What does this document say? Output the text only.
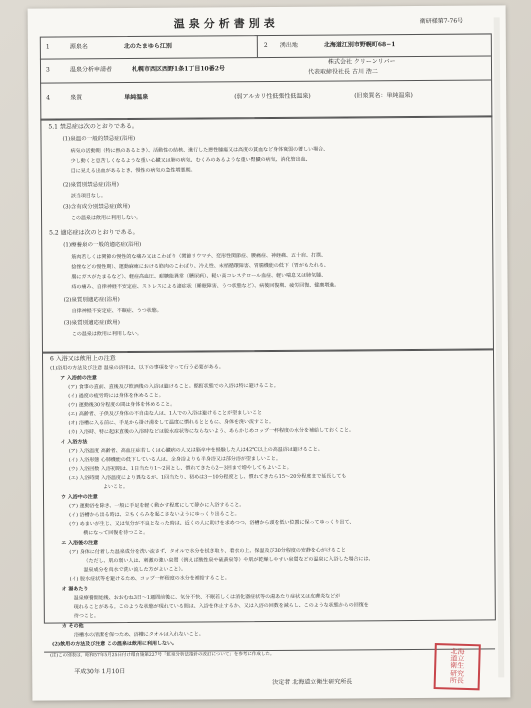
温泉分析書別表	衛研様第7-76号
1	源泉名	北のたまゆら江別	2 湧出地	北海道江別市野幌町68−1
3	温泉分析申請者	札幌市西区西野1条1丁目10番2号
株式会社 クリーンリバー
代表取締役社長 古川 浩二
4	泉質	単純温泉	(弱アルカリ性低張性低温泉)	(旧泉質名：単純温泉)
5.1 禁忌症は次のとおりである。
(1)泉温の一般的禁忌症(浴用)
病気の活動期（特に熱のあるとき）、活動性の結核、進行した悪性腫瘍又は高度の貧血など身体衰弱の著しい場合、
少し動くと息苦しくなるような重い心臓又は肺の病気、むくみのあるような重い腎臓の病気、消化管出血、
目に見える出血があるとき、慢性の病気の急性増悪期。
(2)泉質別禁忌症(浴用)
該当項目なし。
(3)含有成分別禁忌症(飲用)
この温泉は飲用に利用しない。
5.2 適応症は次のとおりである。
(1)療養泉の一般的適応症(浴用)
筋肉若しくは関節の慢性的な痛み又はこわばり（関節リウマチ、変形性関節症、腰痛症、神経痛、五十肩、打撲、
捻挫などの慢性期）、運動麻痺における筋肉のこわばり、冷え性、末梢循環障害、胃腸機能の低下（胃がもたれる、
腸にガスがたまるなど）、軽症高血圧、耐糖能異常（糖尿病）、軽い高コレステロール血症、軽い喘息又は肺気腫、
痔の痛み、自律神経不安定症、ストレスによる諸症状（睡眠障害、うつ状態など）、病後回復期、疲労回復、健康増進。
(2)泉質別適応症(浴用)
自律神経不安定症、不眠症、うつ状態。
(3)泉質別適応症(飲用)
この温泉は飲用に利用しない。
6 入浴又は飲用上の注意
(1)浴用の方法及び注意 温泉の浴用は、以下の事項を守って行う必要がある。
ア 入浴前の注意
(ア) 食事の直前、直後及び飲酒後の入浴は避けること。酩酊状態での入浴は特に避けること。
(イ) 過度の疲労時には身体を休めること。
(ウ) 運動後30分程度の間は身体を休めること。
(エ) 高齢者、子供及び身体の不自由な人は、1人での入浴は避けることが望ましいこと
(オ) 浴槽に入る前に、手足から掛け湯をして温度に慣れるとともに、身体を洗い流すこと。
(カ) 入浴時、特に起床直後の入浴時などは脱水症状等にならないよう、あらかじめコップ一杯程度の水分を補給しておくこと。
イ 入浴方法
(ア) 入浴温度 高齢者、高血圧症若しくは心臓病の人又は脳卒中を経験した人は42℃以上の高温浴は避けること。
(イ) 入浴形態 心肺機能の低下している人は、全身浴よりも半身浴又は部分浴が望ましいこと。
(ウ) 入浴回数 入浴初期は、1日当たり1〜2回とし、慣れてきたら2〜3回まで増やしてもよいこと。
(エ) 入浴時間 入浴温度により異なるが、1回当たり、初めは3〜10分程度とし、慣れてきたら15〜20分程度まで延長しても
よいこと。
ウ 入浴中の注意
(ア) 運動浴を除き、一般に手足を軽く動かす程度にして静かに入浴すること。
(イ) 浴槽から出る時は、立ちくらみを起こさないようにゆっくり出ること。
(ウ) めまいが生じ、又は気分が不良となった時は、近くの人に助けを求めつつ、浴槽から頭を低い位置に保ってゆっくり出て、
横になって回復を待つこと。
エ 入浴後の注意
(ア) 身体に付着した温泉成分を洗い流さず、タオルで水分を拭き取り、着衣の上、保温及び30分程度の安静を心がけること
（ただし、肌の弱い人は、刺激の強い泉質（例えば酸性泉や硫黄泉等）や肌が乾燥しやすい泉質などの温泉に入浴した場合には、
温泉成分を真水で洗い流した方がよいこと）。
(イ) 脱水症状等を避けるため、コップ一杯程度の水分を補給すること。
オ 湯あたり
温泉療養開始後、おおむね3日〜1週間前後に、気分不快、不眠若しくは消化器症状等の湯あたり症状又は皮膚炎などが
現れることがある。このような状態が現れている間は、入浴を休止するか、又は入浴の回数を減らし、このような状態からの回復を
待つこと。
カ その他
浴槽水の清潔を保つため、浴槽にタオルは入れないこと。
(2)飲用の方法及び注意 この温泉は飲用に利用しない。
(注)この別表は、昭和57年5月25日付け環自施第227号「鉱泉分析法指針の改訂について」を参考に作成した。
平成30年 1月10日
決定者 北海道立衛生研究所長
北海
道立
衛生
研究
所長
